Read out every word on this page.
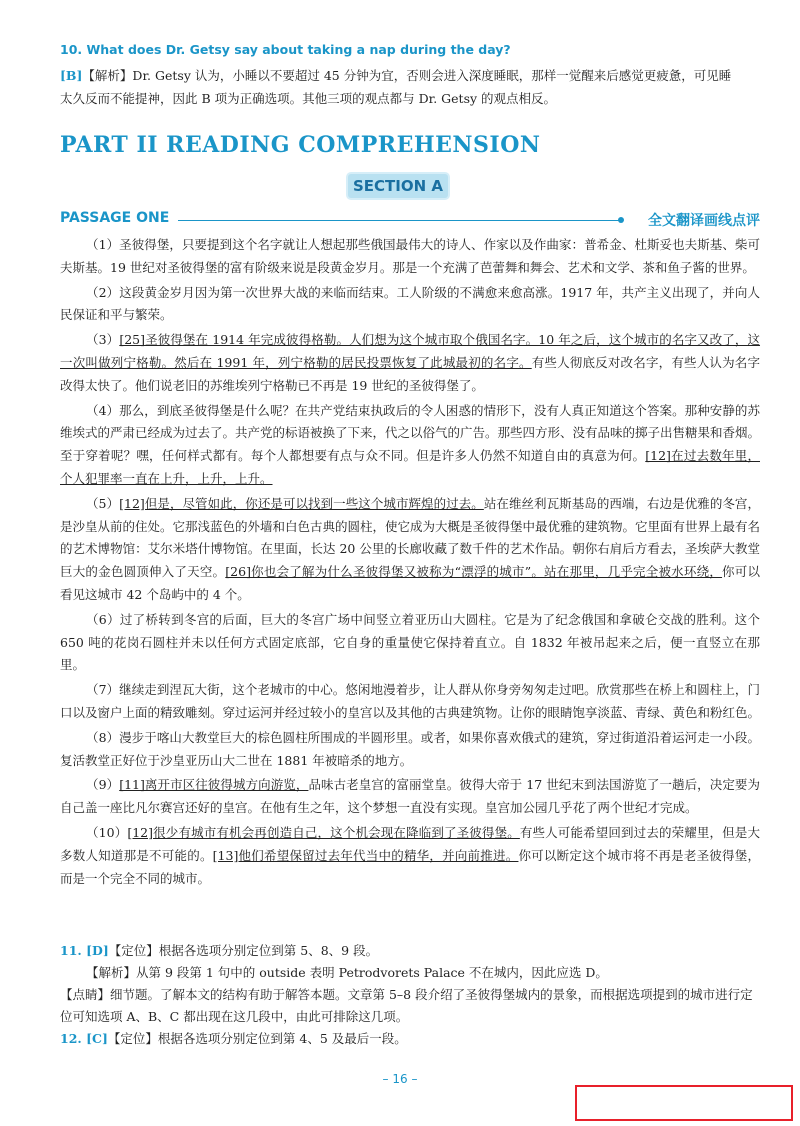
10. What does Dr. Getsy say about taking a nap during the day?
[B]【解析】Dr. Getsy 认为，小睡以不要超过 45 分钟为宜，否则会进入深度睡眠，那样一觉醒来后感觉更疲惫，可见睡
太久反而不能提神，因此 B 项为正确选项。其他三项的观点都与 Dr. Getsy 的观点相反。
PART II READING COMPREHENSION
SECTION A
PASSAGE ONE	全文翻译画线点评

（1）圣彼得堡，只要提到这个名字就让人想起那些俄国最伟大的诗人、作家以及作曲家：普希金、杜斯妥也夫斯基、柴可夫斯基。19 世纪对圣彼得堡的富有阶级来说是段黄金岁月。那是一个充满了芭蕾舞和舞会、艺术和文学、茶和鱼子酱的世界。

（2）这段黄金岁月因为第一次世界大战的来临而结束。工人阶级的不满愈来愈高涨。1917 年，共产主义出现了，并向人民保证和平与繁荣。

（3）[25]圣彼得堡在 1914 年完成彼得格勒。人们想为这个城市取个俄国名字。10 年之后，这个城市的名字又改了，这一次叫做列宁格勒。然后在 1991 年，列宁格勒的居民投票恢复了此城最初的名字。有些人彻底反对改名字，有些人认为名字改得太快了。他们说老旧的苏维埃列宁格勒已不再是 19 世纪的圣彼得堡了。

（4）那么，到底圣彼得堡是什么呢？在共产党结束执政后的令人困惑的情形下，没有人真正知道这个答案。那种安静的苏维埃式的严肃已经成为过去了。共产党的标语被换了下来，代之以俗气的广告。那些四方形、没有品味的掷子出售糖果和香烟。至于穿着呢？嘿，任何样式都有。每个人都想要有点与众不同。但是许多人仍然不知道自由的真意为何。[12]在过去数年里，个人犯罪率一直在上升，上升，上升。

（5）[12]但是，尽管如此，你还是可以找到一些这个城市辉煌的过去。站在维丝利瓦斯基岛的西端，右边是优雅的冬宫，是沙皇从前的住处。它那浅蓝色的外墙和白色古典的圆柱，使它成为大概是圣彼得堡中最优雅的建筑物。它里面有世界上最有名的艺术博物馆：艾尔米塔什博物馆。在里面，长达 20 公里的长廊收藏了数千件的艺术作品。朝你右肩后方看去，圣埃萨大教堂巨大的金色圆顶伸入了天空。[26]你也会了解为什么圣彼得堡又被称为“漂浮的城市”。站在那里，几乎完全被水环绕，你可以看见这城市 42 个岛屿中的 4 个。

（6）过了桥转到冬宫的后面，巨大的冬宫广场中间竖立着亚历山大圆柱。它是为了纪念俄国和拿破仑交战的胜利。这个 650 吨的花岗石圆柱并未以任何方式固定底部，它自身的重量使它保持着直立。自 1832 年被吊起来之后，便一直竖立在那里。

（7）继续走到涅瓦大街，这个老城市的中心。悠闲地漫着步，让人群从你身旁匆匆走过吧。欣赏那些在桥上和圆柱上，门口以及窗户上面的精致雕刻。穿过运河并经过较小的皇宫以及其他的古典建筑物。让你的眼睛饱享淡蓝、青绿、黄色和粉红色。

（8）漫步于喀山大教堂巨大的棕色圆柱所围成的半圆形里。或者，如果你喜欢俄式的建筑，穿过街道沿着运河走一小段。复活教堂正好位于沙皇亚历山大二世在 1881 年被暗杀的地方。

（9）[11]离开市区往彼得城方向游览，品味古老皇宫的富丽堂皇。彼得大帝于 17 世纪末到法国游览了一趟后，决定要为自己盖一座比凡尔赛宫还好的皇宫。在他有生之年，这个梦想一直没有实现。皇宫加公园几乎花了两个世纪才完成。

（10）[12]很少有城市有机会再创造自己，这个机会现在降临到了圣彼得堡。有些人可能希望回到过去的荣耀里，但是大多数人知道那是不可能的。[13]他们希望保留过去年代当中的精华，并向前推进。你可以断定这个城市将不再是老圣彼得堡，而是一个完全不同的城市。

11. [D]【定位】根据各选项分别定位到第 5、8、9 段。
【解析】从第 9 段第 1 句中的 outside 表明 Petrodvorets Palace 不在城内，因此应选 D。
【点睛】细节题。了解本文的结构有助于解答本题。文章第 5–8 段介绍了圣彼得堡城内的景象，而根据选项提到的城市进行定位可知选项 A、B、C 都出现在这几段中，由此可排除这几项。
12. [C]【定位】根据各选项分别定位到第 4、5 及最后一段。
– 16 –
